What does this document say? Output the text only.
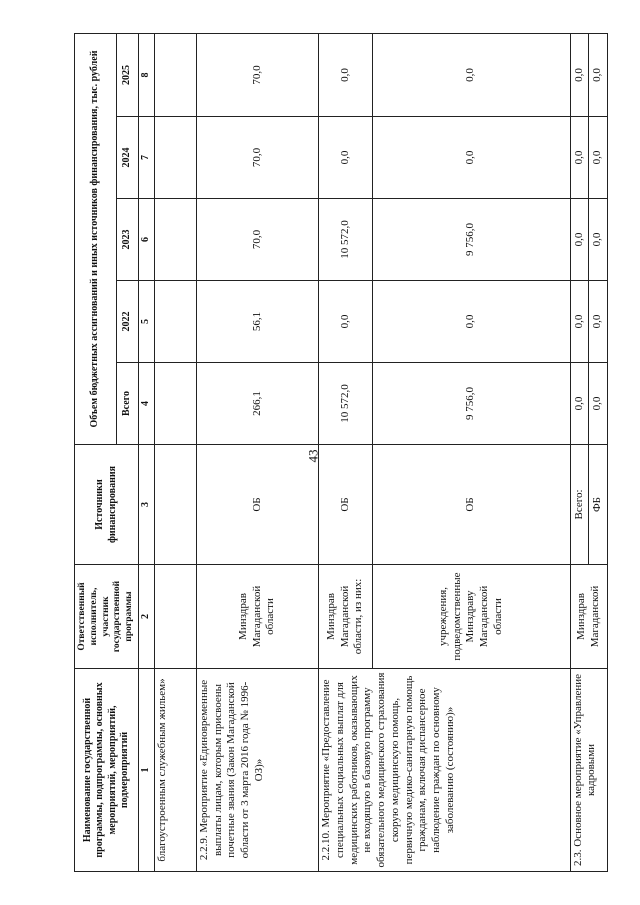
43
Наименование государственной программы, подпрограммы, основных мероприятий, мероприятий, подмероприятий	Ответственный исполнитель, участник государственной программы	Источники финансирования	Объем бюджетных ассигнований и иных источников финансирования, тыс. рублей				
			Всего	2022	2023	2024	2025
1	2	3	4	5	6	7	8
благоустроенным служебным жильем»							
2.2.9. Мероприятие «Единовременные выплаты лицам, которым присвоены почетные звания (Закон Магаданской области от 3 марта 2016 года № 1996-ОЗ)»	Минздрав Магаданской области	ОБ	266,1	56,1	70,0	70,0	70,0
2.2.10. Мероприятие «Предоставление специальных социальных выплат для медицинских работников, оказывающих не входящую в базовую программу обязательного медицинского страхования скорую медицинскую помощь, первичную медико-санитарную помощь гражданам, включая диспансерное наблюдение граждан по основному заболеванию (состоянию)»	Минздрав Магаданской области, из них:	ОБ	10 572,0	0,0	10 572,0	0,0	0,0
	учреждения, подведомственные Минздраву Магаданской области	ОБ	9 756,0	0,0	9 756,0	0,0	0,0
2.3. Основное мероприятие «Управление кадровыми	Минздрав Магаданской	Всего:	0,0	0,0	0,0	0,0	0,0
		ФБ	0,0	0,0	0,0	0,0	0,0
